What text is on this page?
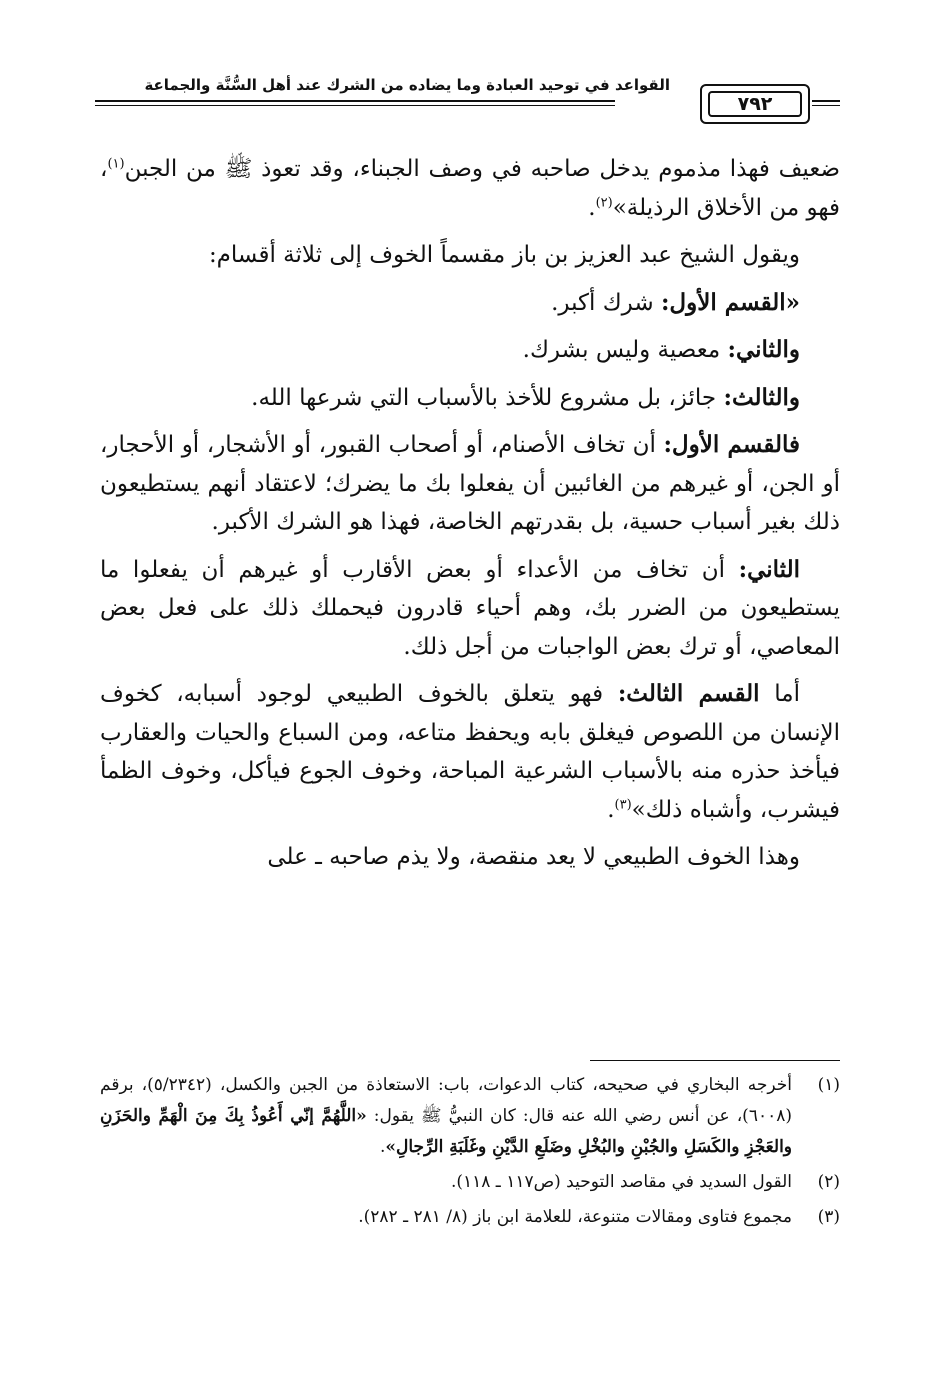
القواعد في توحيد العبادة وما يضاده من الشرك عند أهل السُّنَّة والجماعة
٧٩٢

ضعيف فهذا مذموم يدخل صاحبه في وصف الجبناء، وقد تعوذ ﷺ من الجبن$^{(١)}$، فهو من الأخلاق الرذيلة»$^{(٢)}$.

ويقول الشيخ عبد العزيز بن باز مقسماً الخوف إلى ثلاثة أقسام:

«القسم الأول: شرك أكبر.

والثاني: معصية وليس بشرك.

والثالث: جائز، بل مشروع للأخذ بالأسباب التي شرعها الله.

فالقسم الأول: أن تخاف الأصنام، أو أصحاب القبور، أو الأشجار، أو الأحجار، أو الجن، أو غيرهم من الغائبين أن يفعلوا بك ما يضرك؛ لاعتقاد أنهم يستطيعون ذلك بغير أسباب حسية، بل بقدرتهم الخاصة، فهذا هو الشرك الأكبر.

الثاني: أن تخاف من الأعداء أو بعض الأقارب أو غيرهم أن يفعلوا ما يستطيعون من الضرر بك، وهم أحياء قادرون فيحملك ذلك على فعل بعض المعاصي، أو ترك بعض الواجبات من أجل ذلك.

أما القسم الثالث: فهو يتعلق بالخوف الطبيعي لوجود أسبابه، كخوف الإنسان من اللصوص فيغلق بابه ويحفظ متاعه، ومن السباع والحيات والعقارب فيأخذ حذره منه بالأسباب الشرعية المباحة، وخوف الجوع فيأكل، وخوف الظمأ فيشرب، وأشباه ذلك»$^{(٣)}$.

وهذا الخوف الطبيعي لا يعد منقصة، ولا يذم صاحبه ـ على

(١)
أخرجه البخاري في صحيحه، كتاب الدعوات، باب: الاستعاذة من الجبن والكسل، (٥/٢٣٤٢)، برقم (٦٠٠٨)، عن أنس رضي الله عنه قال: كان النبيُّ ﷺ يقول: «اللَّهُمَّ إنّي أَعُوذُ بِكَ مِنَ الْهَمِّ والحَزَنِ والعَجْزِ والكَسَلِ والجُبْنِ والبُخْلِ وضَلَعِ الدَّيْنِ وغَلَبَةِ الرِّجالِ».
(٢)
القول السديد في مقاصد التوحيد (ص١١٧ ـ ١١٨).
(٣)
مجموع فتاوى ومقالات متنوعة، للعلامة ابن باز (٨/ ٢٨١ ـ ٢٨٢).
